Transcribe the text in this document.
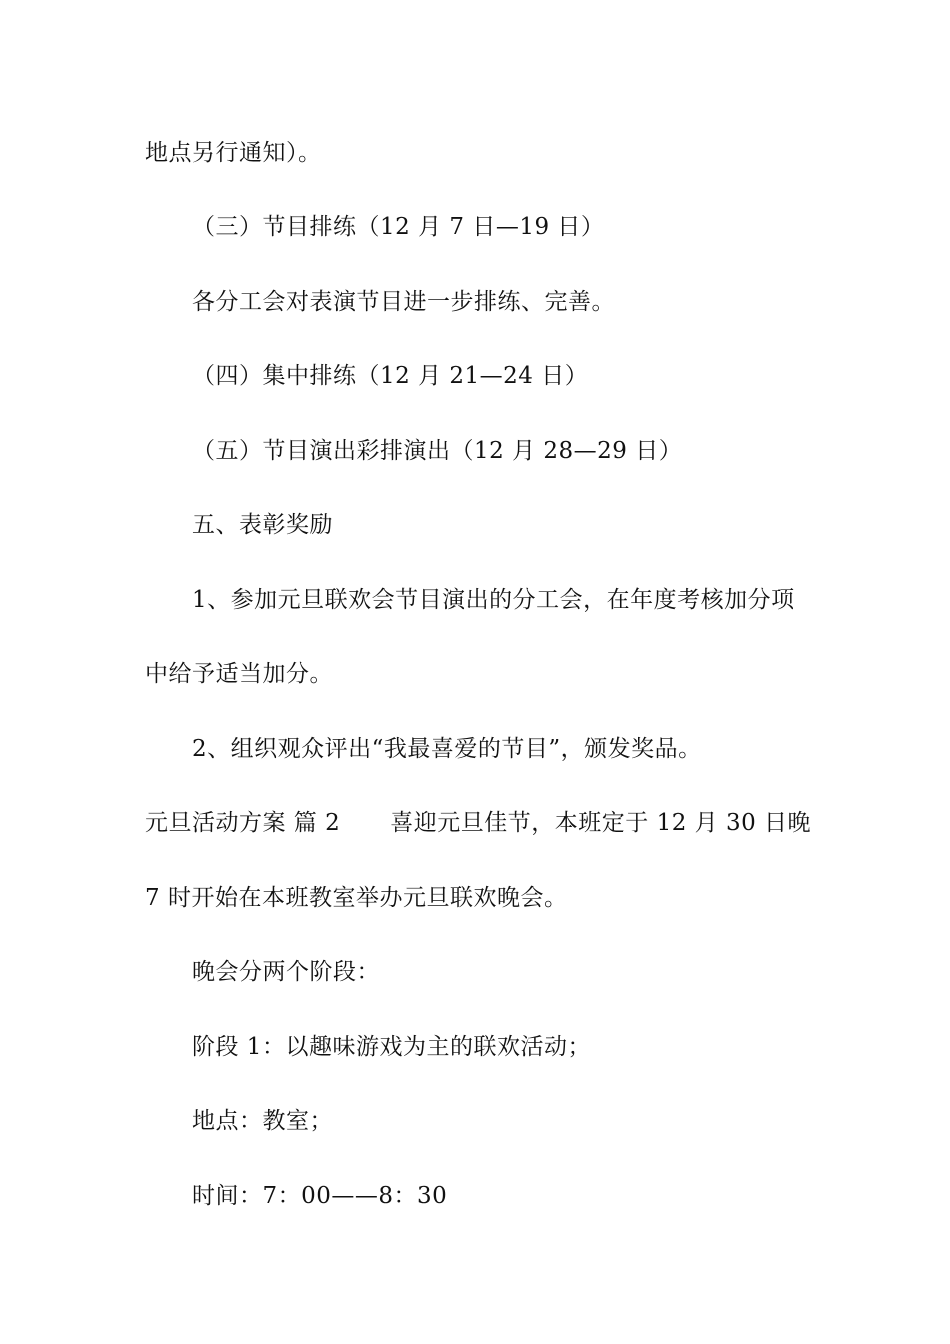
地点另行通知）。
（三）节目排练（12 月 7 日—19 日）
各分工会对表演节目进一步排练、完善。
（四）集中排练（12 月 21—24 日）
（五）节目演出彩排演出（12 月 28—29 日）
五、表彰奖励
1、参加元旦联欢会节目演出的分工会，在年度考核加分项
中给予适当加分。
2、组织观众评出“我最喜爱的节目”，颁发奖品。
元旦活动方案 篇 2 喜迎元旦佳节，本班定于 12 月 30 日晚
7 时开始在本班教室举办元旦联欢晚会。
晚会分两个阶段：
阶段 1：以趣味游戏为主的联欢活动；
地点：教室；
时间：7：00——8：30
